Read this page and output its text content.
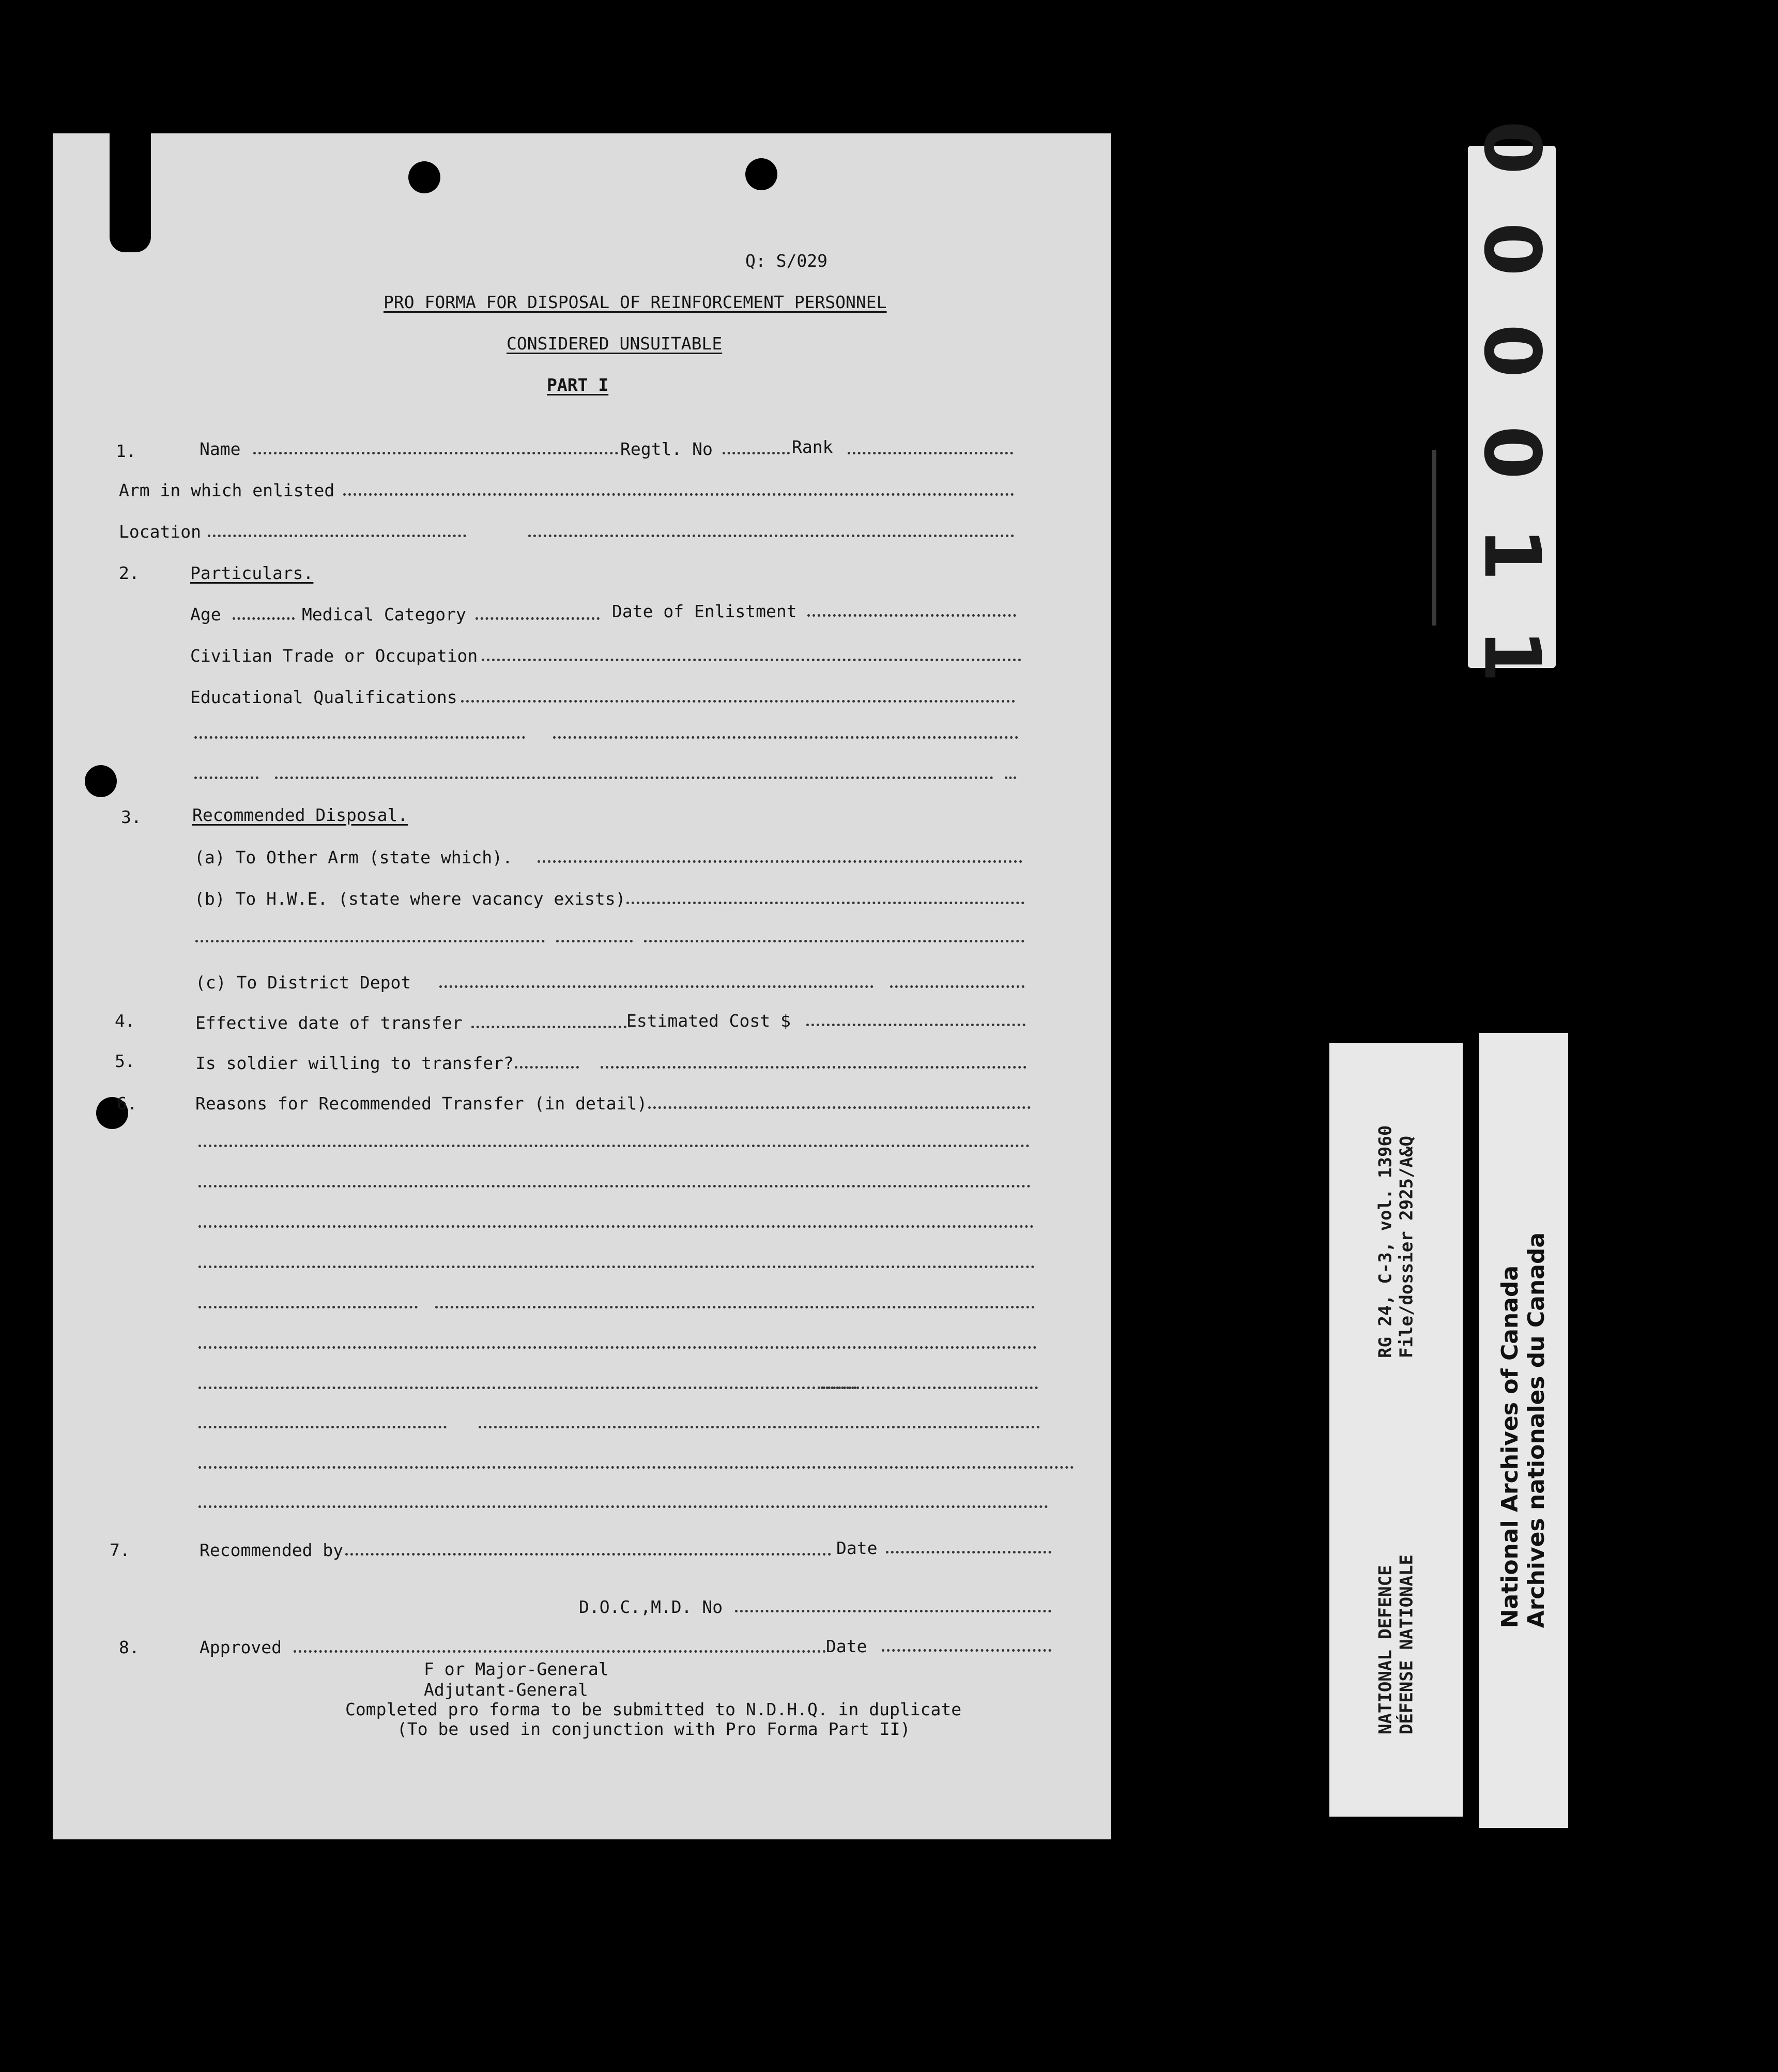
Q: S/029
PRO FORMA FOR DISPOSAL OF REINFORCEMENT PERSONNEL
CONSIDERED UNSUITABLE
PART I
1.	Name	Regtl. No	Rank
Arm in which enlisted
Location
2.	Particulars.
Age	Medical Category	Date of Enlistment
Civilian Trade or Occupation
Educational Qualifications
3.	Recommended Disposal.
(a) To Other Arm (state which).
(b) To H.W.E. (state where vacancy exists)
(c) To District Depot
4.	Effective date of transfer	Estimated Cost $
5.	Is soldier willing to transfer?
6.	Reasons for Recommended Transfer (in detail)
7.	Recommended by	Date
D.O.C.,M.D. No
8.	Approved	Date
F or Major-General
Adjutant-General
Completed pro forma to be submitted to N.D.H.Q. in duplicate
(To be used in conjunction with Pro Forma Part II)
0 0 0 0 1 1
NATIONAL DEFENCE DÉFENSE NATIONALE
RG 24, C-3, vol. 13960 File/dossier 2925/A&Q
National Archives of Canada Archives nationales du Canada
